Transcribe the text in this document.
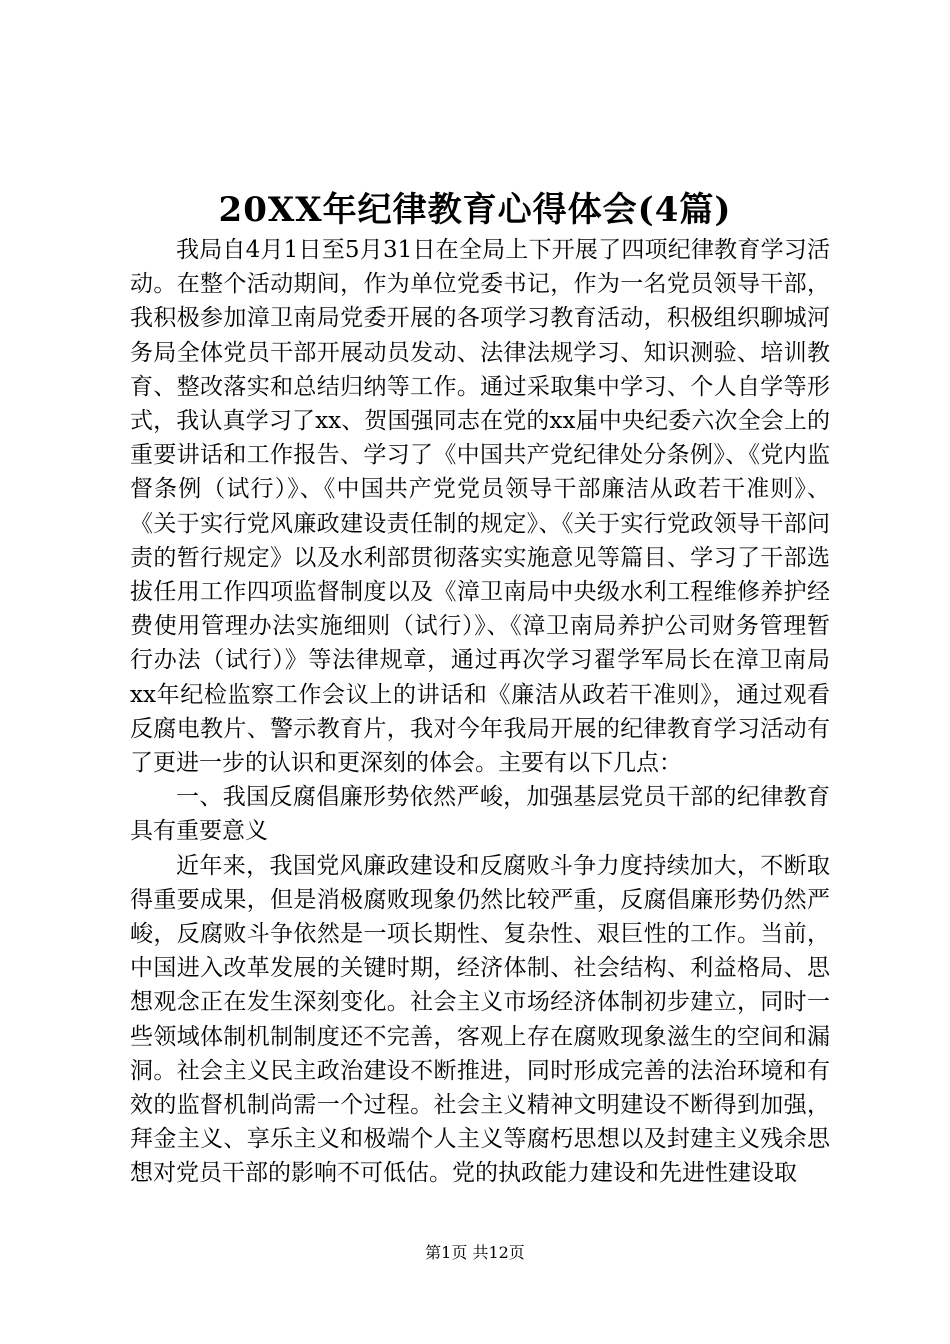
20XX年纪律教育心得体会(4篇)

我局自4月1日至5月31日在全局上下开展了四项纪律教育学习活动。在整个活动期间，作为单位党委书记，作为一名党员领导干部，我积极参加漳卫南局党委开展的各项学习教育活动，积极组织聊城河务局全体党员干部开展动员发动、法律法规学习、知识测验、培训教育、整改落实和总结归纳等工作。通过采取集中学习、个人自学等形式，我认真学习了xx、贺国强同志在党的xx届中央纪委六次全会上的重要讲话和工作报告、学习了《中国共产党纪律处分条例》、《党内监督条例（试行）》、《中国共产党党员领导干部廉洁从政若干准则》、《关于实行党风廉政建设责任制的规定》、《关于实行党政领导干部问责的暂行规定》以及水利部贯彻落实实施意见等篇目、学习了干部选拔任用工作四项监督制度以及《漳卫南局中央级水利工程维修养护经费使用管理办法实施细则（试行）》、《漳卫南局养护公司财务管理暂行办法（试行）》等法律规章，通过再次学习翟学军局长在漳卫南局xx年纪检监察工作会议上的讲话和《廉洁从政若干准则》，通过观看反腐电教片、警示教育片，我对今年我局开展的纪律教育学习活动有了更进一步的认识和更深刻的体会。主要有以下几点：

一、我国反腐倡廉形势依然严峻，加强基层党员干部的纪律教育具有重要意义

近年来，我国党风廉政建设和反腐败斗争力度持续加大，不断取得重要成果，但是消极腐败现象仍然比较严重，反腐倡廉形势仍然严峻，反腐败斗争依然是一项长期性、复杂性、艰巨性的工作。当前，中国进入改革发展的关键时期，经济体制、社会结构、利益格局、思想观念正在发生深刻变化。社会主义市场经济体制初步建立，同时一些领域体制机制制度还不完善，客观上存在腐败现象滋生的空间和漏洞。社会主义民主政治建设不断推进，同时形成完善的法治环境和有效的监督机制尚需一个过程。社会主义精神文明建设不断得到加强，拜金主义、享乐主义和极端个人主义等腐朽思想以及封建主义残余思想对党员干部的影响不可低估。党的执政能力建设和先进性建设取

第1页 共12页
